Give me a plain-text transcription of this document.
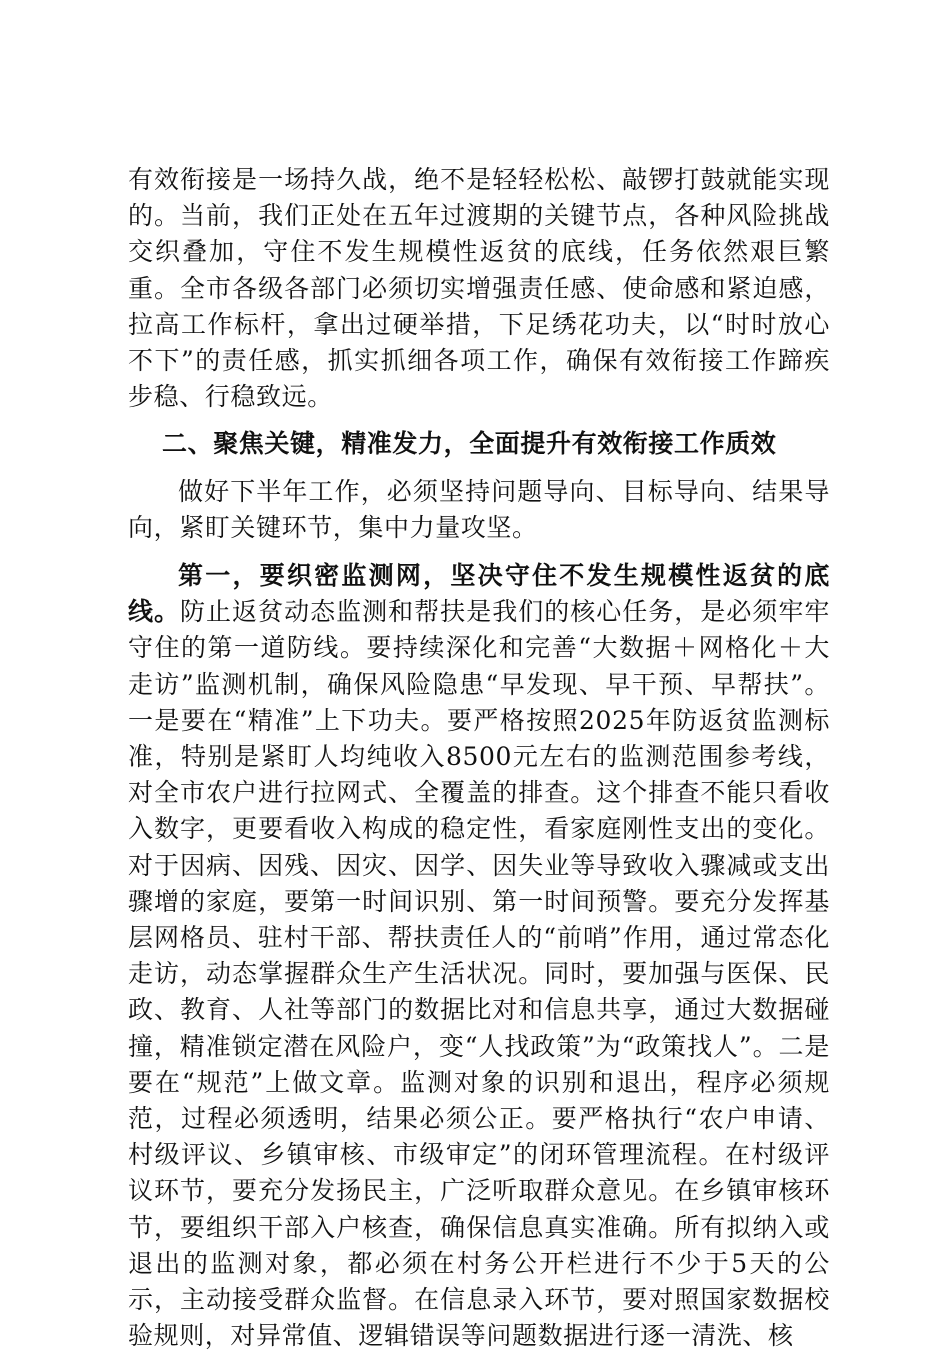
有效衔接是一场持久战，绝不是轻轻松松、敲锣打鼓就能实现的。当前，我们正处在五年过渡期的关键节点，各种风险挑战交织叠加，守住不发生规模性返贫的底线，任务依然艰巨繁重。全市各级各部门必须切实增强责任感、使命感和紧迫感，拉高工作标杆，拿出过硬举措，下足绣花功夫，以“时时放心不下”的责任感，抓实抓细各项工作，确保有效衔接工作蹄疾步稳、行稳致远。

二、聚焦关键，精准发力，全面提升有效衔接工作质效

做好下半年工作，必须坚持问题导向、目标导向、结果导向，紧盯关键环节，集中力量攻坚。

第一，要织密监测网，坚决守住不发生规模性返贫的底线。防止返贫动态监测和帮扶是我们的核心任务，是必须牢牢守住的第一道防线。要持续深化和完善“大数据＋网格化＋大走访”监测机制，确保风险隐患“早发现、早干预、早帮扶”。一是要在“精准”上下功夫。要严格按照2025年防返贫监测标准，特别是紧盯人均纯收入8500元左右的监测范围参考线，对全市农户进行拉网式、全覆盖的排查。这个排查不能只看收入数字，更要看收入构成的稳定性，看家庭刚性支出的变化。对于因病、因残、因灾、因学、因失业等导致收入骤减或支出骤增的家庭，要第一时间识别、第一时间预警。要充分发挥基层网格员、驻村干部、帮扶责任人的“前哨”作用，通过常态化走访，动态掌握群众生产生活状况。同时，要加强与医保、民政、教育、人社等部门的数据比对和信息共享，通过大数据碰撞，精准锁定潜在风险户，变“人找政策”为“政策找人”。二是要在“规范”上做文章。监测对象的识别和退出，程序必须规范，过程必须透明，结果必须公正。要严格执行“农户申请、村级评议、乡镇审核、市级审定”的闭环管理流程。在村级评议环节，要充分发扬民主，广泛听取群众意见。在乡镇审核环节，要组织干部入户核查，确保信息真实准确。所有拟纳入或退出的监测对象，都必须在村务公开栏进行不少于5天的公示，主动接受群众监督。在信息录入环节，要对照国家数据校验规则，对异常值、逻辑错误等问题数据进行逐一清洗、核
